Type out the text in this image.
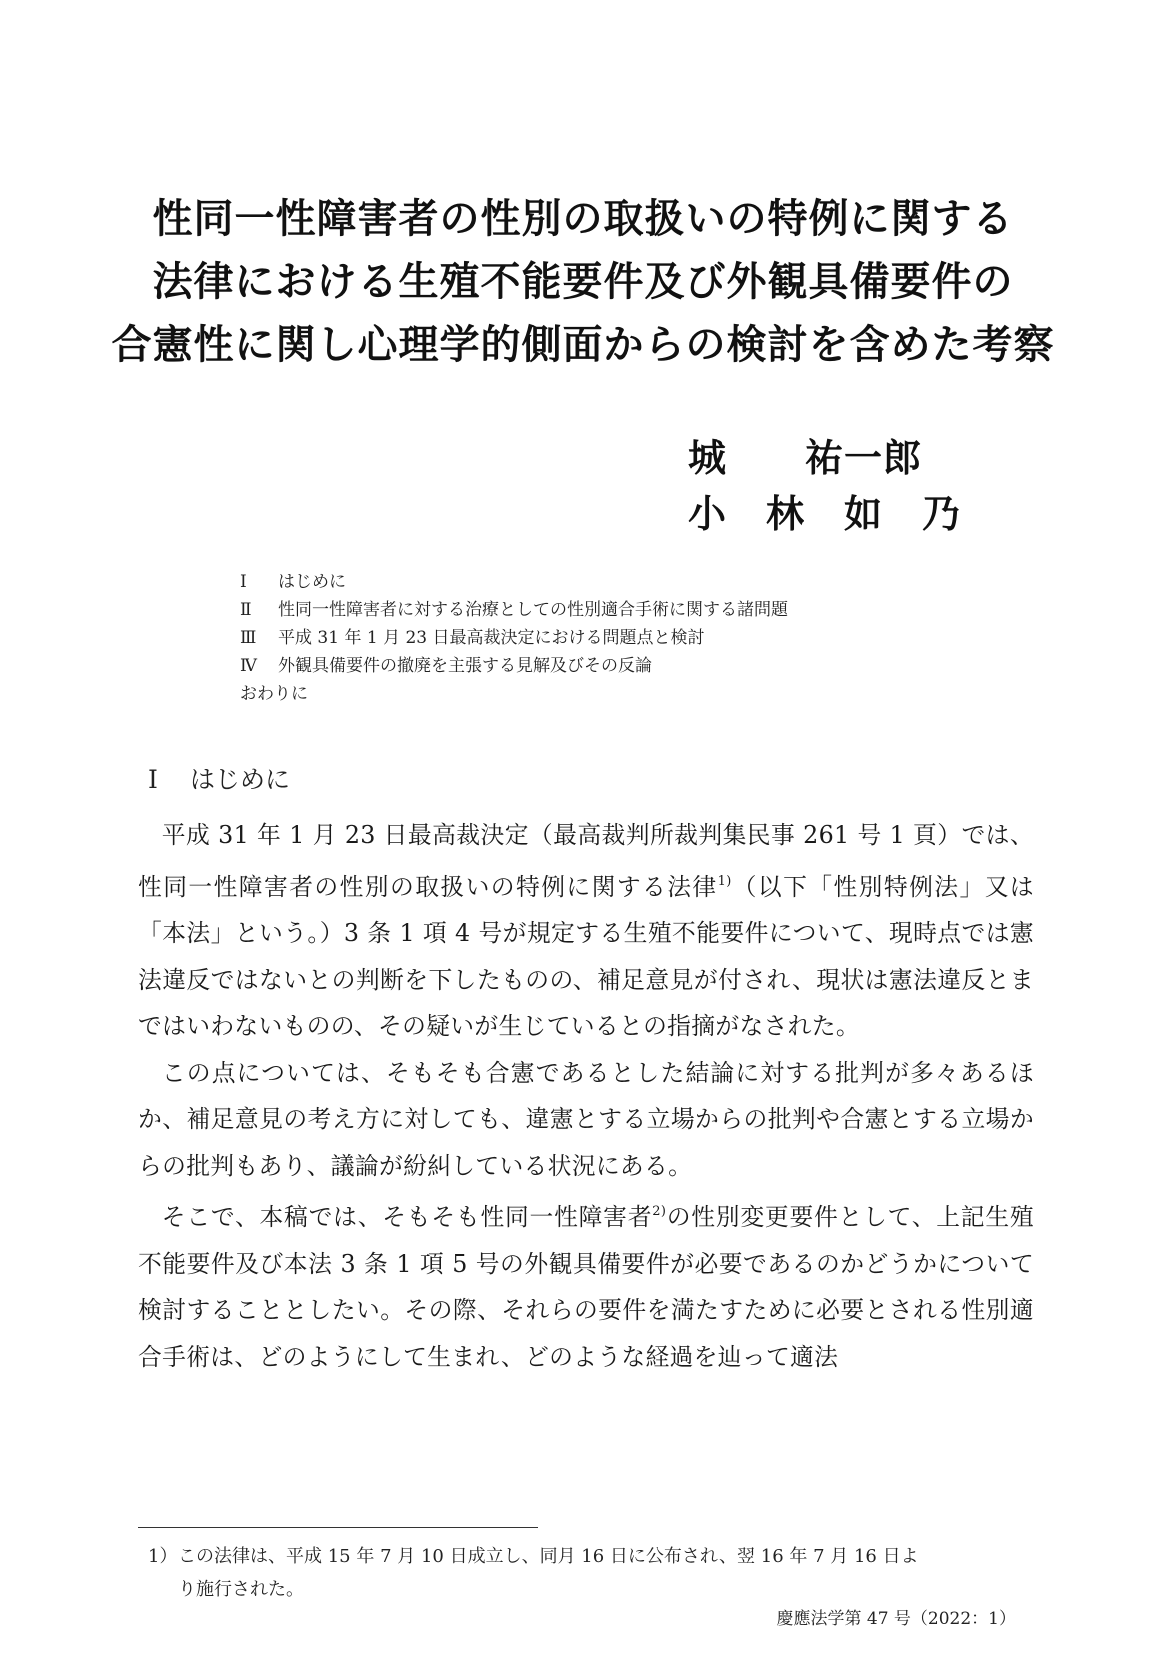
性同一性障害者の性別の取扱いの特例に関する
法律における生殖不能要件及び外観具備要件の
合憲性に関し心理学的側面からの検討を含めた考察
城　　祐一郎
小　林　如　乃
Ⅰ はじめに
Ⅱ 性同一性障害者に対する治療としての性別適合手術に関する諸問題
Ⅲ 平成 31 年 1 月 23 日最高裁決定における問題点と検討
Ⅳ 外観具備要件の撤廃を主張する見解及びその反論
おわりに
Ⅰ はじめに

平成 31 年 1 月 23 日最高裁決定（最高裁判所裁判集民事 261 号 1 頁）では、性同一性障害者の性別の取扱いの特例に関する法律$^{1)}$（以下「性別特例法」又は「本法」という。）3 条 1 項 4 号が規定する生殖不能要件について、現時点では憲法違反ではないとの判断を下したものの、補足意見が付され、現状は憲法違反とまではいわないものの、その疑いが生じているとの指摘がなされた。

この点については、そもそも合憲であるとした結論に対する批判が多々あるほか、補足意見の考え方に対しても、違憲とする立場からの批判や合憲とする立場からの批判もあり、議論が紛糾している状況にある。

そこで、本稿では、そもそも性同一性障害者$^{2)}$の性別変更要件として、上記生殖不能要件及び本法 3 条 1 項 5 号の外観具備要件が必要であるのかどうかについて検討することとしたい。その際、それらの要件を満たすために必要とされる性別適合手術は、どのようにして生まれ、どのような経過を辿って適法

1）この法律は、平成 15 年 7 月 10 日成立し、同月 16 日に公布され、翌 16 年 7 月 16 日よ
り施行された。
慶應法学第 47 号（2022：1）
